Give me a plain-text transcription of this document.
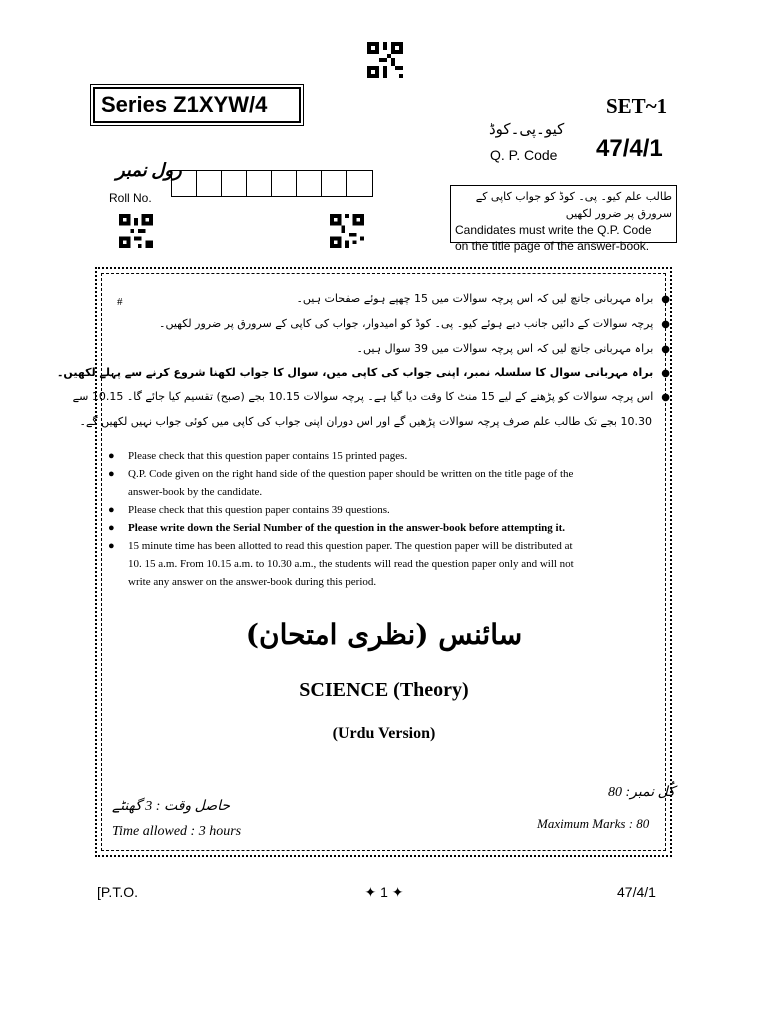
Series Z1XYW/4	SET~1
کیو۔پی۔کوڈ
Q. P. Code 47/4/1
رول نمبر
Roll No.	طالب علم کیو۔ پی۔ کوڈ کو جواب کاپی کے سرورق پر ضرور لکھیں
Candidates must write the Q.P. Code
on the title page of the answer-book.
#	●براہ مہربانی جانچ لیں کہ اس پرچہ سوالات میں 15 چھپے ہوئے صفحات ہیں۔
●پرچہ سوالات کے دائیں جانب دیے ہوئے کیو۔ پی۔ کوڈ کو امیدوار، جواب کی کاپی کے سرورق پر ضرور لکھیں۔
●براہ مہربانی جانچ لیں کہ اس پرچہ سوالات میں 39 سوال ہیں۔
●براہ مہربانی سوال کا سلسلہ نمبر، اپنی جواب کی کاپی میں، سوال کا جواب لکھنا شروع کرنے سے پہلے لکھیں۔
●اس پرچہ سوالات کو پڑھنے کے لیے 15 منٹ کا وقت دیا گیا ہے۔ پرچہ سوالات 10.15 بجے (صبح) تقسیم کیا جائے گا۔ 10.15 سے
10.30 بجے تک طالب علم صرف پرچہ سوالات پڑھیں گے اور اس دوران اپنی جواب کی کاپی میں کوئی جواب نہیں لکھیں گے۔
● Please check that this question paper contains 15 printed pages.
● Q.P. Code given on the right hand side of the question paper should be written on the title page of the
answer-book by the candidate.
● Please check that this question paper contains 39 questions.
● Please write down the Serial Number of the question in the answer-book before attempting it.
● 15 minute time has been allotted to read this question paper. The question paper will be distributed at
10. 15 a.m. From 10.15 a.m. to 10.30 a.m., the students will read the question paper only and will not
write any answer on the answer-book during this period.
سائنس (نظری امتحان)
SCIENCE (Theory)
(Urdu Version)
کُل نمبر: 80
حاصل وقت : 3 گھنٹے
Time allowed : 3 hours
Maximum Marks : 80
[P.T.O.	✦ 1 ✦	47/4/1
